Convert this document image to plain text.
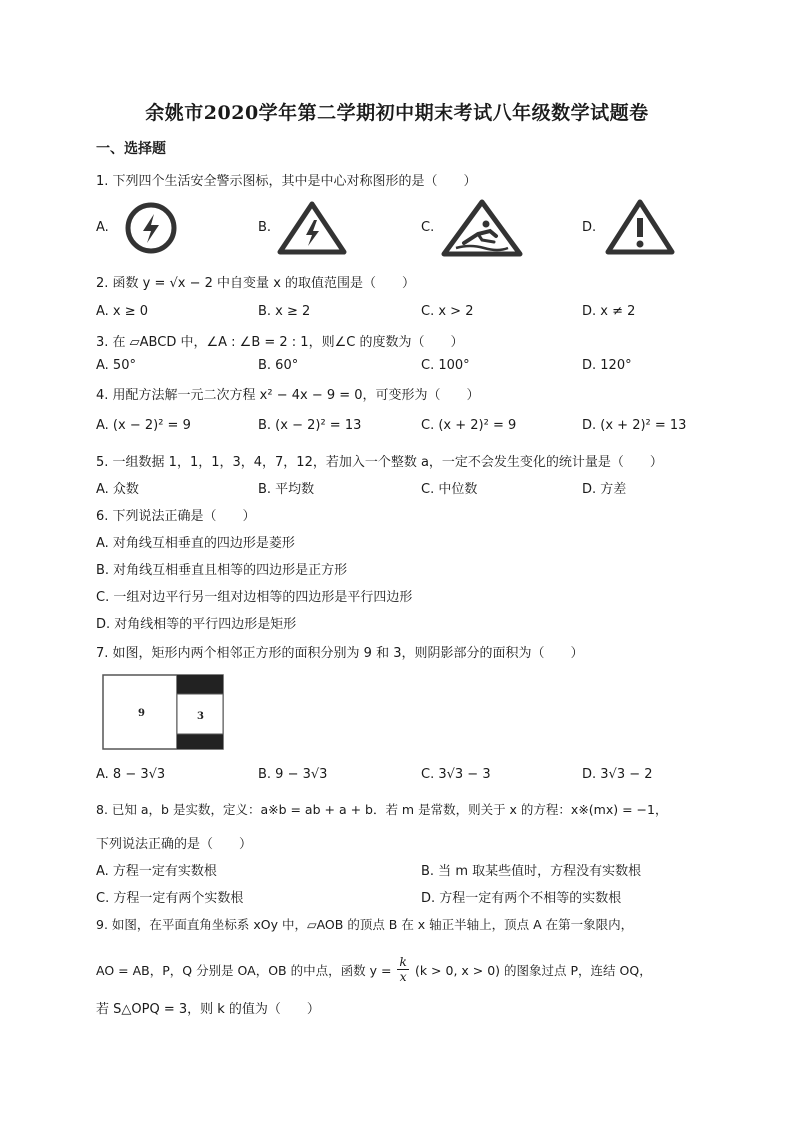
余姚市2020学年第二学期初中期末考试八年级数学试题卷
一、选择题
1. 下列四个生活安全警示图标，其中是中心对称图形的是（　　）
A.	B.	C.	D.
2. 函数 y = √x − 2 中自变量 x 的取值范围是（　　）
A. x ≥ 0	B. x ≥ 2	C. x > 2	D. x ≠ 2
3. 在 ▱ABCD 中，∠A : ∠B = 2 : 1，则∠C 的度数为（　　）
A. 50°	B. 60°	C. 100°	D. 120°
4. 用配方法解一元二次方程 x² − 4x − 9 = 0，可变形为（　　）
A. (x − 2)² = 9	B. (x − 2)² = 13	C. (x + 2)² = 9	D. (x + 2)² = 13
5. 一组数据 1，1，1，3，4，7，12，若加入一个整数 a，一定不会发生变化的统计量是（　　）
A. 众数	B. 平均数	C. 中位数	D. 方差
6. 下列说法正确是（　　）
A. 对角线互相垂直的四边形是菱形
B. 对角线互相垂直且相等的四边形是正方形
C. 一组对边平行另一组对边相等的四边形是平行四边形
D. 对角线相等的平行四边形是矩形
7. 如图，矩形内两个相邻正方形的面积分别为 9 和 3，则阴影部分的面积为（　　）
9	3
A. 8 − 3√3	B. 9 − 3√3	C. 3√3 − 3	D. 3√3 − 2
8. 已知 a，b 是实数，定义：a※b = ab + a + b．若 m 是常数，则关于 x 的方程：x※(mx) = −1，
下列说法正确的是（　　）
A. 方程一定有实数根	B. 当 m 取某些值时，方程没有实数根
C. 方程一定有两个实数根	D. 方程一定有两个不相等的实数根
9. 如图，在平面直角坐标系 xOy 中，▱AOB 的顶点 B 在 x 轴正半轴上，顶点 A 在第一象限内，
AO = AB，P，Q 分别是 OA，OB 的中点，函数 $y = \frac{k}{x} (k > 0$, x > 0) 的图象过点 P，连结 OQ，
若 S△OPQ = 3，则 k 的值为（　　）
